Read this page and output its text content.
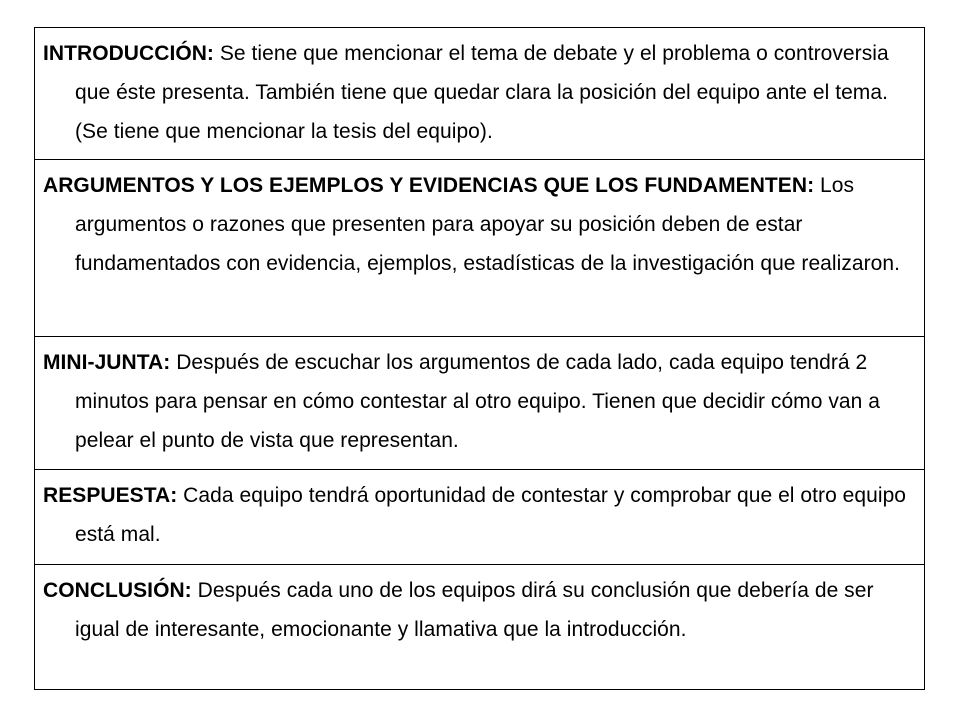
INTRODUCCIÓN: Se tiene que mencionar el tema de debate y el problema o controversia que éste presenta. También tiene que quedar clara la posición del equipo ante el tema. (Se tiene que mencionar la tesis del equipo).

ARGUMENTOS Y LOS EJEMPLOS Y EVIDENCIAS QUE LOS FUNDAMENTEN: Los argumentos o razones que presenten para apoyar su posición deben de estar fundamentados con evidencia, ejemplos, estadísticas de la investigación que realizaron.

MINI-JUNTA: Después de escuchar los argumentos de cada lado, cada equipo tendrá 2 minutos para pensar en cómo contestar al otro equipo. Tienen que decidir cómo van a pelear el punto de vista que representan.

RESPUESTA: Cada equipo tendrá oportunidad de contestar y comprobar que el otro equipo está mal.

CONCLUSIÓN: Después cada uno de los equipos dirá su conclusión que debería de ser igual de interesante, emocionante y llamativa que la introducción.
